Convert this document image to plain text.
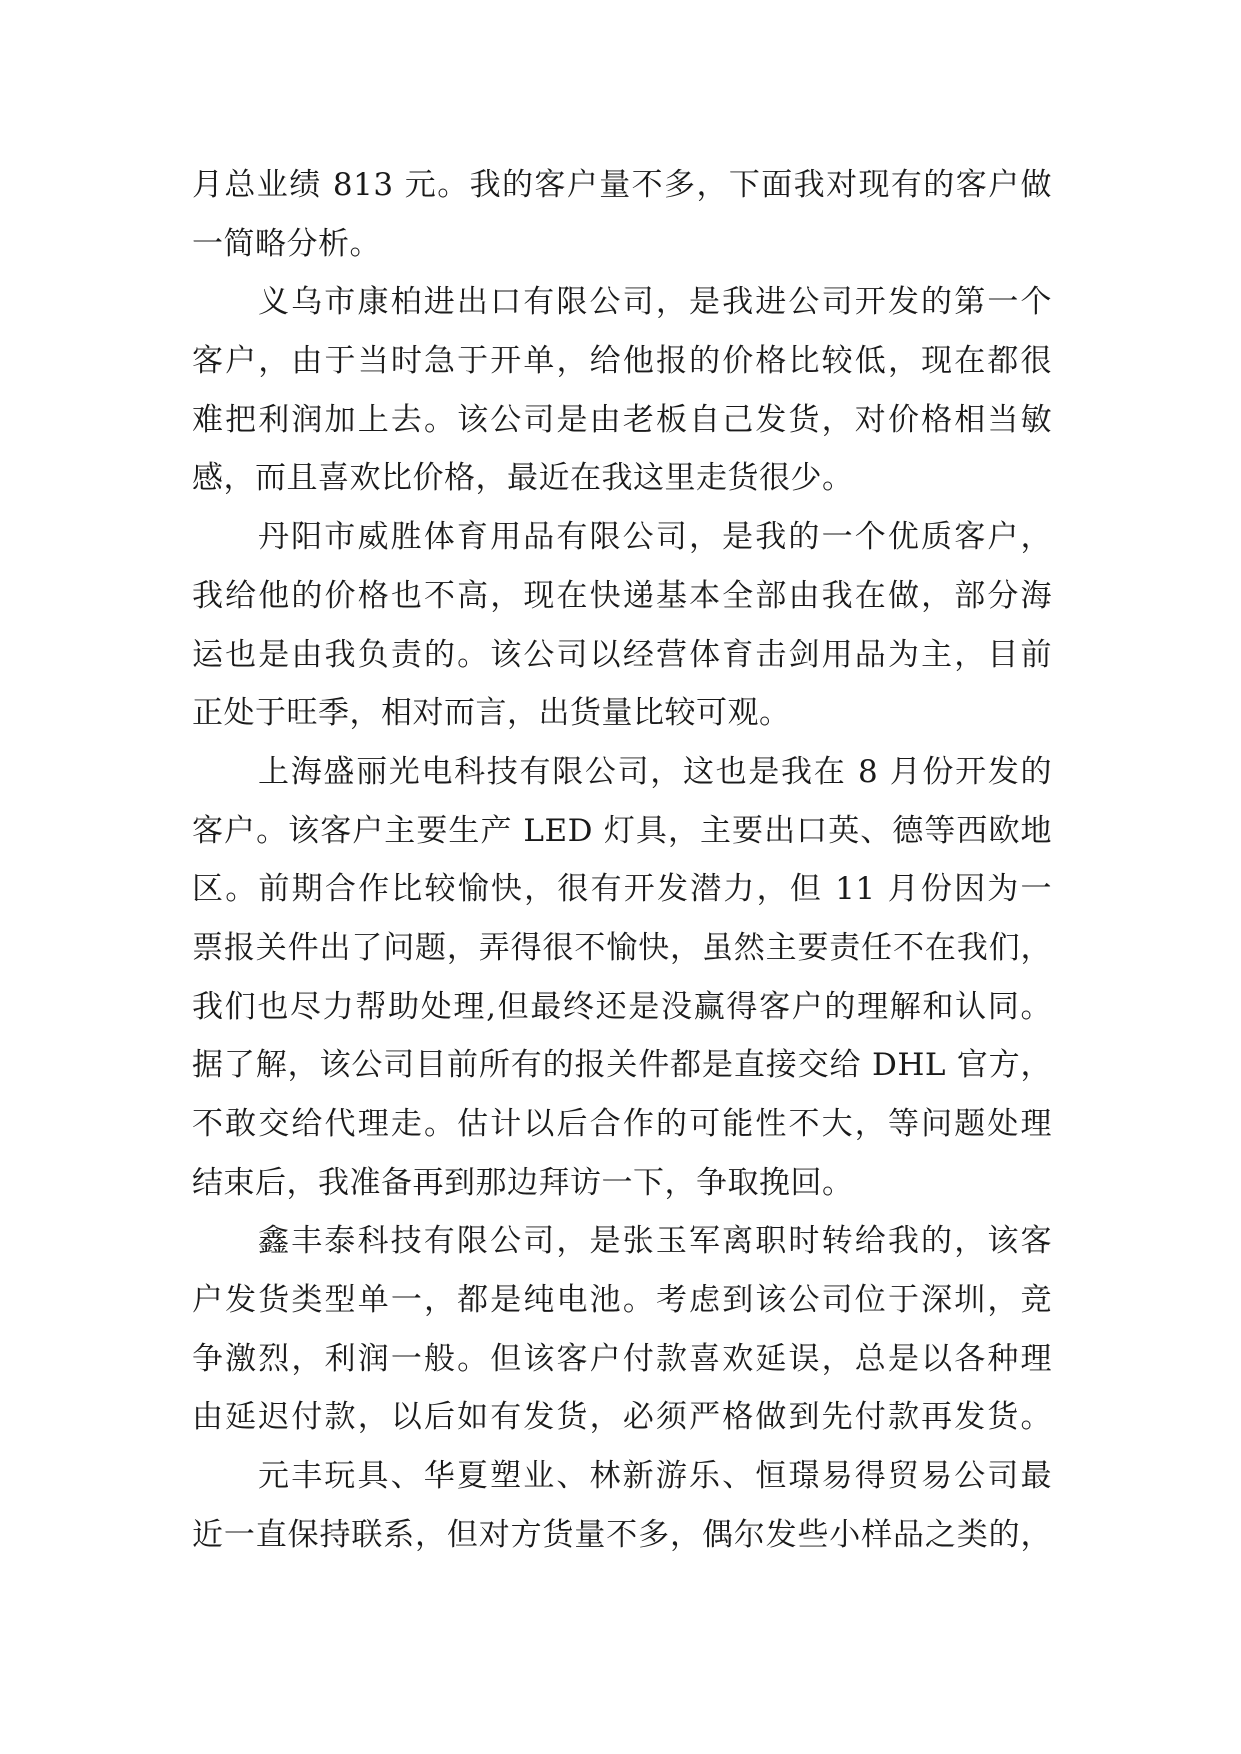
月总业绩 813 元。我的客户量不多，下面我对现有的客户做
一简略分析。
义乌市康柏进出口有限公司，是我进公司开发的第一个
客户，由于当时急于开单，给他报的价格比较低，现在都很
难把利润加上去。该公司是由老板自己发货，对价格相当敏
感，而且喜欢比价格，最近在我这里走货很少。
丹阳市威胜体育用品有限公司，是我的一个优质客户，
我给他的价格也不高，现在快递基本全部由我在做，部分海
运也是由我负责的。该公司以经营体育击剑用品为主，目前
正处于旺季，相对而言，出货量比较可观。
上海盛丽光电科技有限公司，这也是我在 8 月份开发的
客户。该客户主要生产 LED 灯具，主要出口英、德等西欧地
区。前期合作比较愉快，很有开发潜力，但 11 月份因为一
票报关件出了问题，弄得很不愉快，虽然主要责任不在我们，
我们也尽力帮助处理,但最终还是没赢得客户的理解和认同。
据了解，该公司目前所有的报关件都是直接交给 DHL 官方，
不敢交给代理走。估计以后合作的可能性不大，等问题处理
结束后，我准备再到那边拜访一下，争取挽回。
鑫丰泰科技有限公司，是张玉军离职时转给我的，该客
户发货类型单一，都是纯电池。考虑到该公司位于深圳，竞
争激烈，利润一般。但该客户付款喜欢延误，总是以各种理
由延迟付款，以后如有发货，必须严格做到先付款再发货。
元丰玩具、华夏塑业、林新游乐、恒璟易得贸易公司最
近一直保持联系，但对方货量不多，偶尔发些小样品之类的，
